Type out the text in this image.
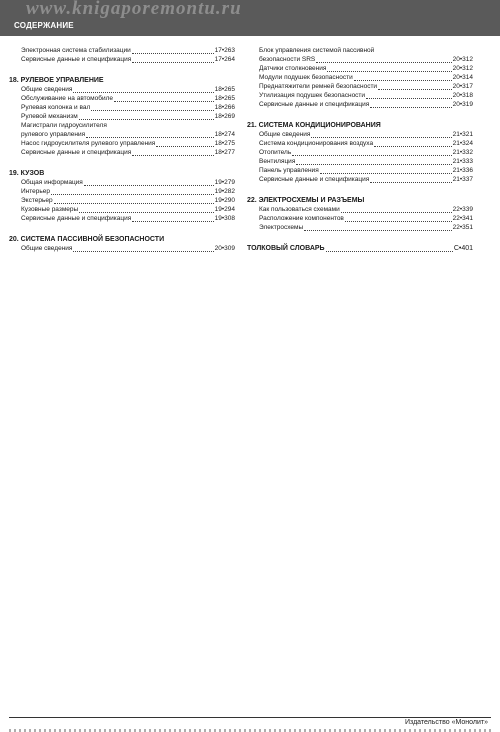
www.knigaporemontu.ru
СОДЕРЖАНИЕ
Электронная система стабилизации	17•263
Сервисные данные и спецификация	17•264
18. РУЛЕВОЕ УПРАВЛЕНИЕ
Общие сведения	18•265
Обслуживание на автомобиле	18•265
Рулевая колонка и вал	18•266
Рулевой механизм	18•269
Магистрали гидроусилителя
рулевого управления	18•274
Насос гидроусилителя рулевого управления	18•275
Сервисные данные и спецификация	18•277
19. КУЗОВ
Общая информация	19•279
Интерьер	19•282
Экстерьер	19•290
Кузовные размеры	19•294
Сервисные данные и спецификация	19•308
20. СИСТЕМА ПАССИВНОЙ БЕЗОПАСНОСТИ
Общие сведения	20•309
Блок управления системой пассивной
безопасности SRS	20•312
Датчики столкновения	20•312
Модули подушек безопасности	20•314
Преднатяжители ремней безопасности	20•317
Утилизация подушек безопасности	20•318
Сервисные данные и спецификация	20•319
21. СИСТЕМА КОНДИЦИОНИРОВАНИЯ
Общие сведения	21•321
Система кондиционирования воздуха	21•324
Отопитель	21•332
Вентиляция	21•333
Панель управления	21•336
Сервисные данные и спецификация	21•337
22. ЭЛЕКТРОСХЕМЫ И РАЗЪЕМЫ
Как пользоваться схемами	22•339
Расположение компонентов	22•341
Электросхемы	22•351
ТОЛКОВЫЙ СЛОВАРЬ	С•401
Издательство «Монолит»
